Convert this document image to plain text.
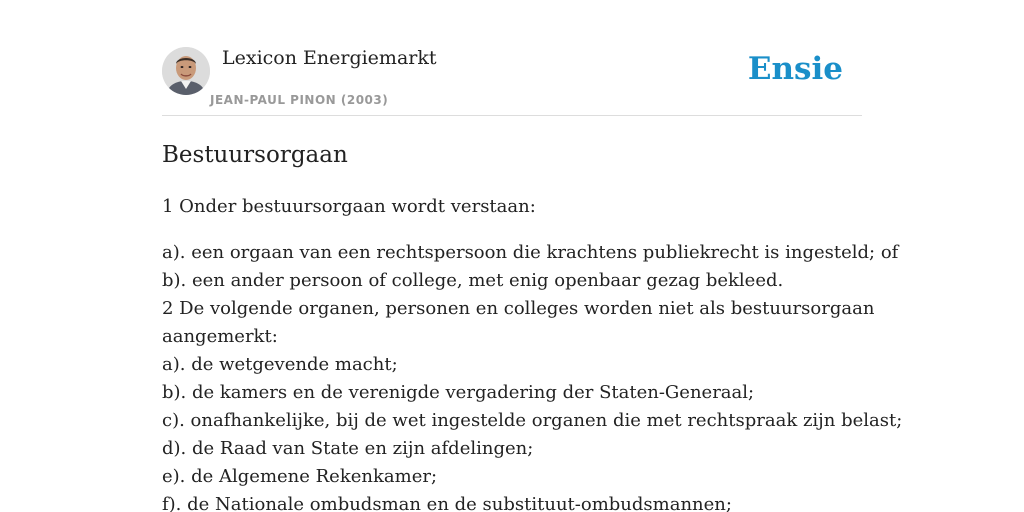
Lexicon Energiemarkt
JEAN-PAUL PINON (2003)
Ensie
Bestuursorgaan

1 Onder bestuursorgaan wordt verstaan:

a). een orgaan van een rechtspersoon die krachtens publiekrecht is ingesteld; of
b). een ander persoon of college, met enig openbaar gezag bekleed.
2 De volgende organen, personen en colleges worden niet als bestuursorgaan
aangemerkt:
a). de wetgevende macht;
b). de kamers en de verenigde vergadering der Staten-Generaal;
c). onafhankelijke, bij de wet ingestelde organen die met rechtspraak zijn belast;
d). de Raad van State en zijn afdelingen;
e). de Algemene Rekenkamer;
f). de Nationale ombudsman en de substituut-ombudsmannen;
